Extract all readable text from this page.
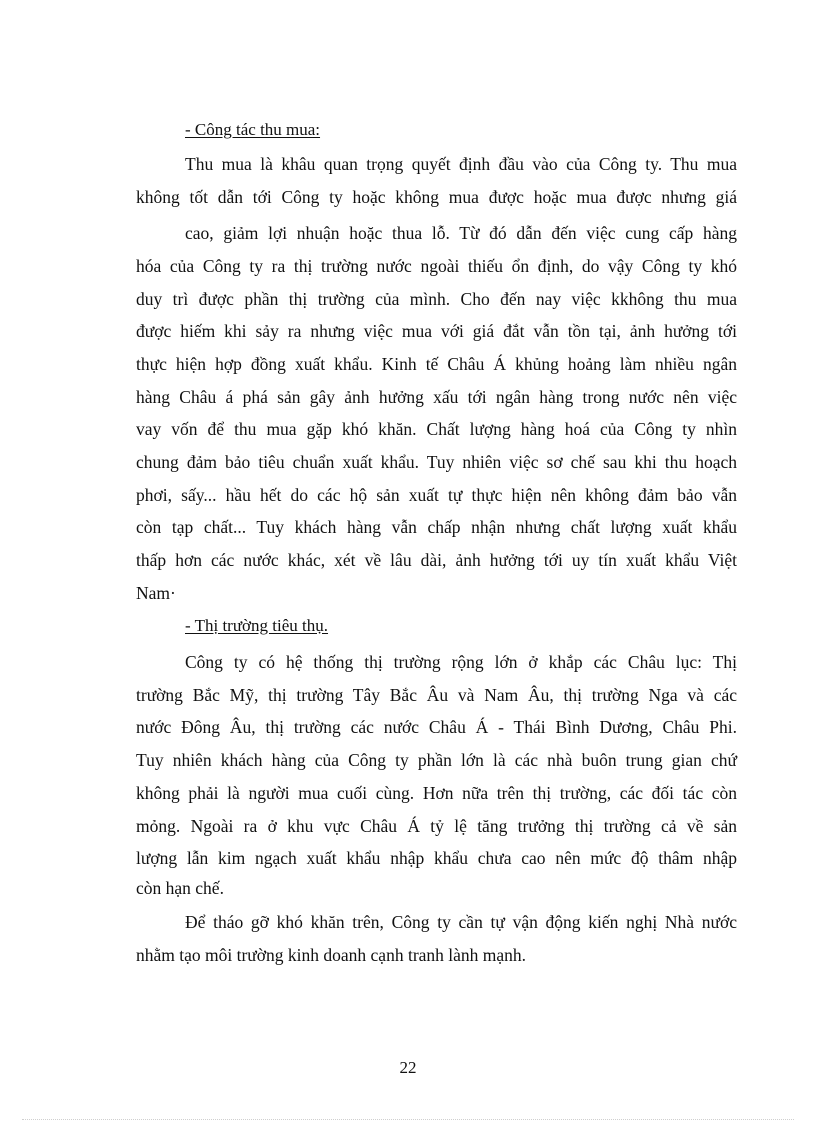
- Công tác thu mua:
Thu mua là khâu quan trọng quyết định đầu vào của Công ty. Thu mua
không tốt dẫn tới Công ty hoặc không mua được hoặc mua được nhưng giá
cao, giảm lợi nhuận hoặc thua lỗ. Từ đó dẫn đến việc cung cấp hàng
hóa của Công ty ra thị trường nước ngoài thiếu ổn định, do vậy Công ty khó
duy trì được phần thị trường của mình. Cho đến nay việc kkhông thu mua
được hiếm khi sảy ra nhưng việc mua với giá đắt vẫn tồn tại, ảnh hưởng tới
thực hiện hợp đồng xuất khẩu. Kinh tế Châu Á khủng hoảng làm nhiều ngân
hàng Châu á phá sản gây ảnh hưởng xấu tới ngân hàng trong nước nên việc
vay vốn để thu mua gặp khó khăn. Chất lượng hàng hoá của Công ty nhìn
chung đảm bảo tiêu chuẩn xuất khẩu. Tuy nhiên việc sơ chế sau khi thu hoạch
phơi, sấy... hầu hết do các hộ sản xuất tự thực hiện nên không đảm bảo vẫn
còn tạp chất... Tuy khách hàng vẫn chấp nhận nhưng chất lượng xuất khẩu
thấp hơn các nước khác, xét về lâu dài, ảnh hưởng tới uy tín xuất khẩu Việt
Nam·
- Thị trường tiêu thụ.
Công ty có hệ thống thị trường rộng lớn ở khắp các Châu lục: Thị
trường Bắc Mỹ, thị trường Tây Bắc Âu và Nam Âu, thị trường Nga và các
nước Đông Âu, thị trường các nước Châu Á - Thái Bình Dương, Châu Phi.
Tuy nhiên khách hàng của Công ty phần lớn là các nhà buôn trung gian chứ
không phải là người mua cuối cùng. Hơn nữa trên thị trường, các đối tác còn
mỏng. Ngoài ra ở khu vực Châu Á tỷ lệ tăng trưởng thị trường cả về sản
lượng lẫn kim ngạch xuất khẩu nhập khẩu chưa cao nên mức độ thâm nhập
còn hạn chế.
Để tháo gỡ khó khăn trên, Công ty cần tự vận động kiến nghị Nhà nước
nhằm tạo môi trường kinh doanh cạnh tranh lành mạnh.
22
